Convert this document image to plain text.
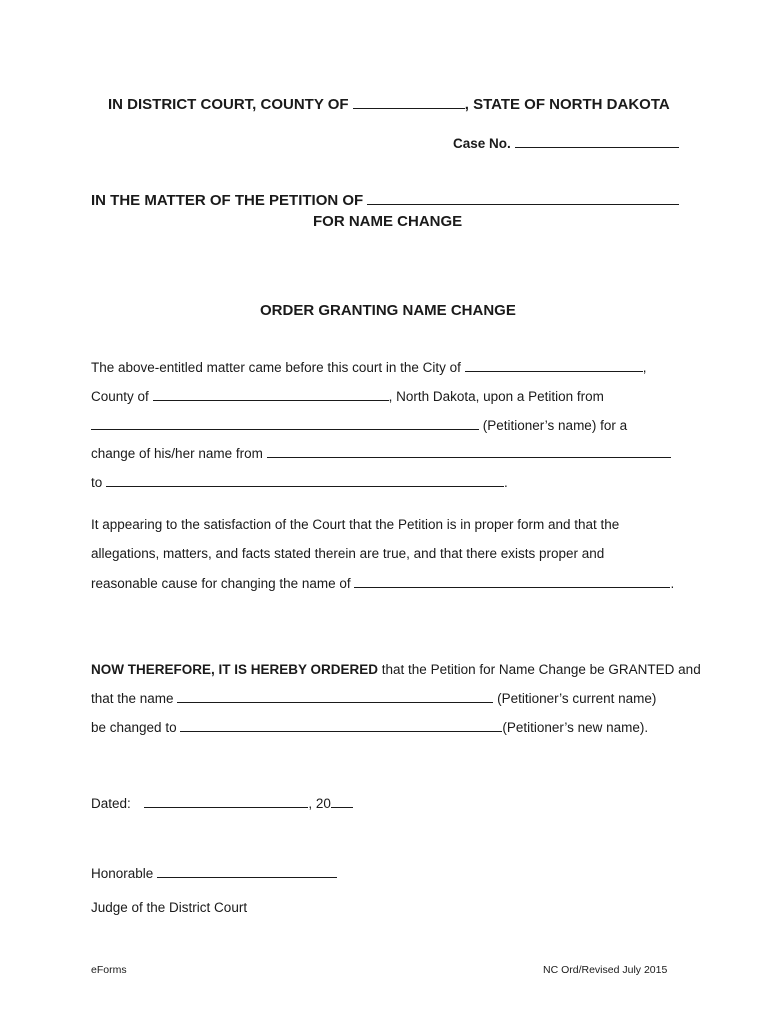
IN DISTRICT COURT, COUNTY OF	, STATE OF NORTH DAKOTA
Case No.
IN THE MATTER OF THE PETITION OF
FOR NAME CHANGE
ORDER GRANTING NAME CHANGE
The above-entitled matter came before this court in the City of	,
County of	, North Dakota, upon a Petition from
(Petitioner’s name) for a
change of his/her name from
to	.
It appearing to the satisfaction of the Court that the Petition is in proper form and that the
allegations, matters, and facts stated therein are true, and that there exists proper and
reasonable cause for changing the name of	.
NOW THEREFORE, IT IS HEREBY ORDERED that the Petition for Name Change be GRANTED and
that the name	(Petitioner’s current name)
be changed to	(Petitioner’s new name).
Dated:	, 20
Honorable
Judge of the District Court
eForms	NC Ord/Revised July 2015
